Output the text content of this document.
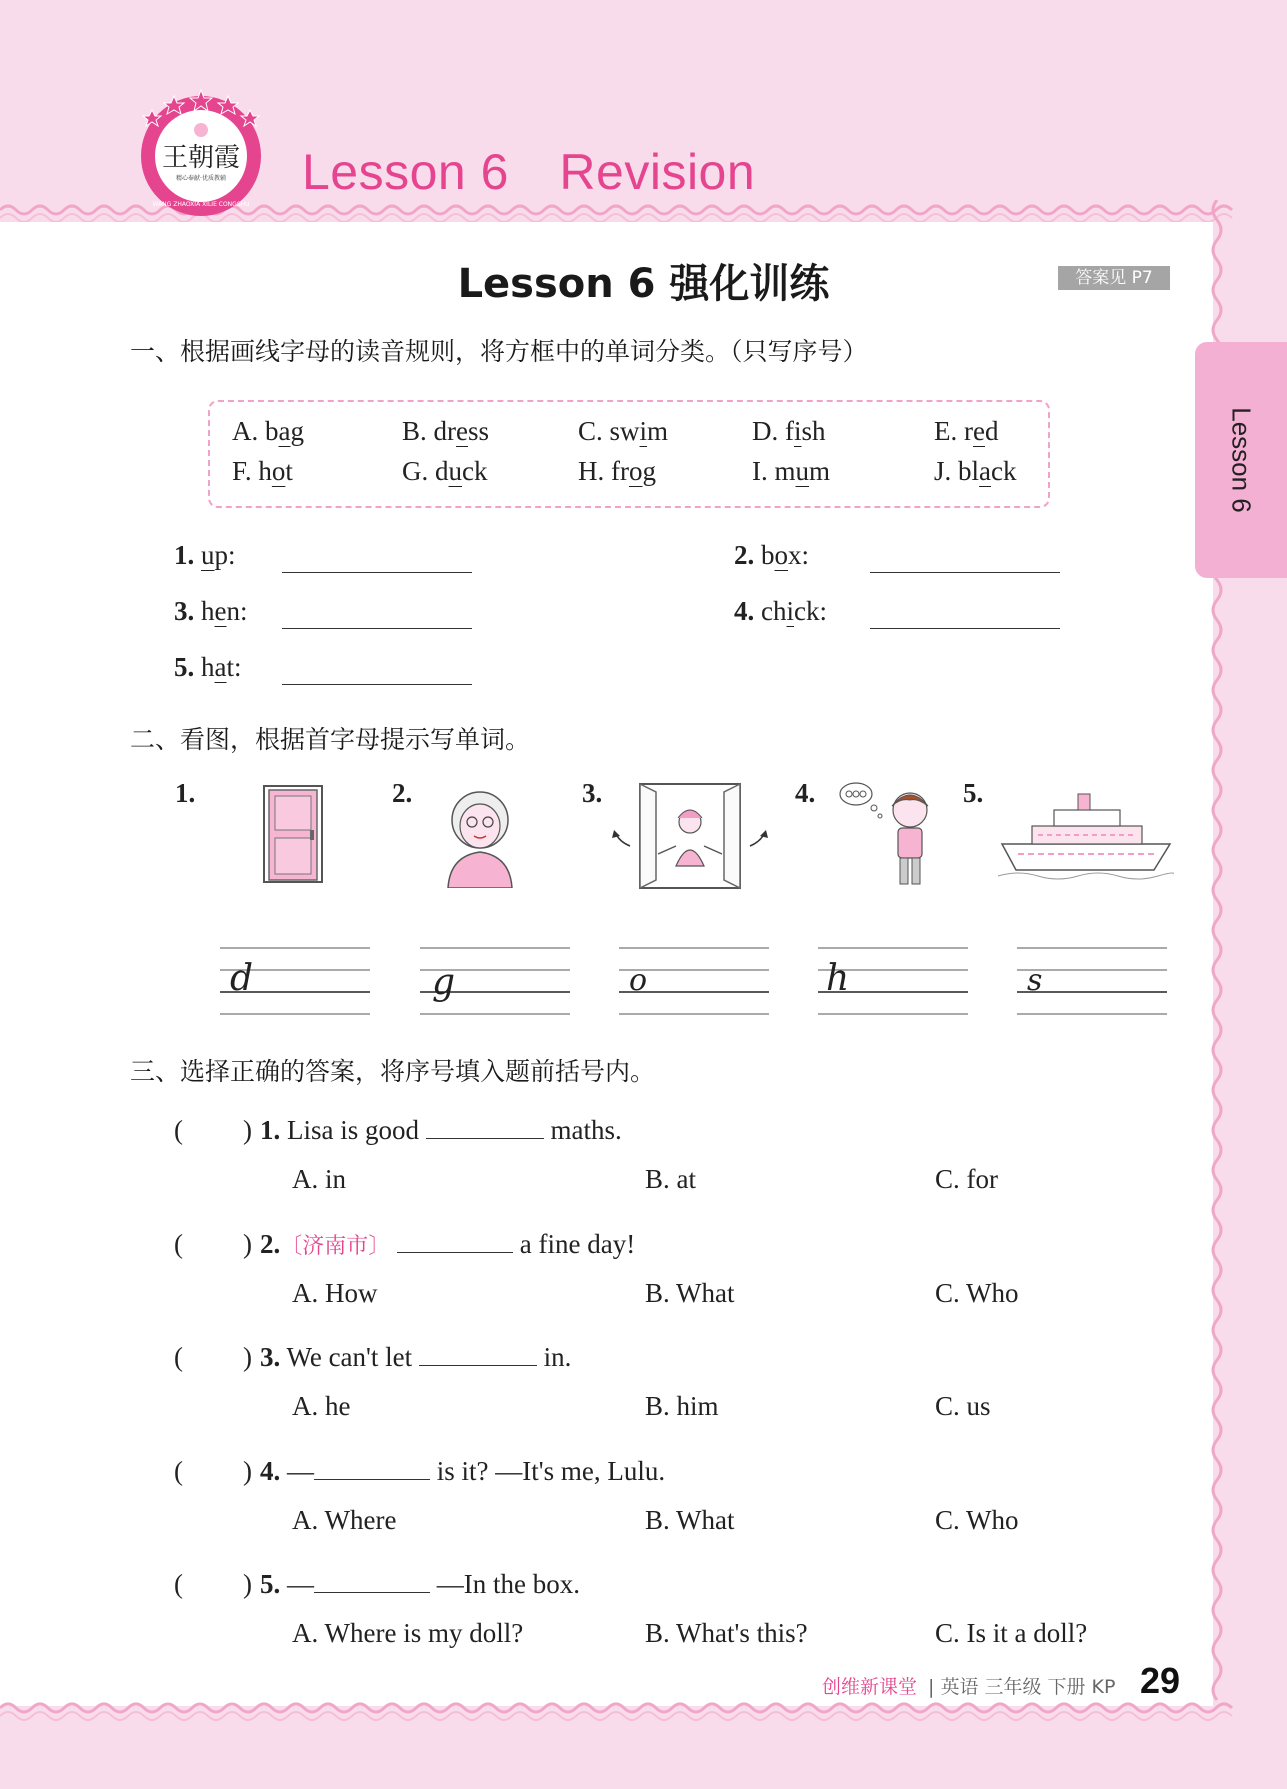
王朝霞
精心奉献·优质教辅
WANG ZHAOXIA XILIE CONGSHU
Lesson 6　Revision
Lesson 6
Lesson 6 强化训练	答案见 P7
一、根据画线字母的读音规则，将方框中的单词分类。（只写序号）
A. bag	B. dress	C. swim	D. fish	E. red
F. hot	G. duck	H. frog	I. mum	J. black
1. up:	2. box:
3. hen:	4. chick:
5. hat:
二、看图，根据首字母提示写单词。
1.	2.	3.	4.	5.
d	g	o	h	s
三、选择正确的答案，将序号填入题前括号内。
(　　) 1. Lisa is good	maths.
A. in	B. at	C. for
(　　) 2.〔济南市〕	a fine day!
A. How	B. What	C. Who
(　　) 3. We can't let	in.
A. he	B. him	C. us
(　　) 4. —	is it? —It's me, Lulu.
A. Where	B. What	C. Who
(　　) 5. —	—In the box.
A. Where is my doll?	B. What's this?	C. Is it a doll?
创维新课堂 | 英语 三年级 下册 KP 29
